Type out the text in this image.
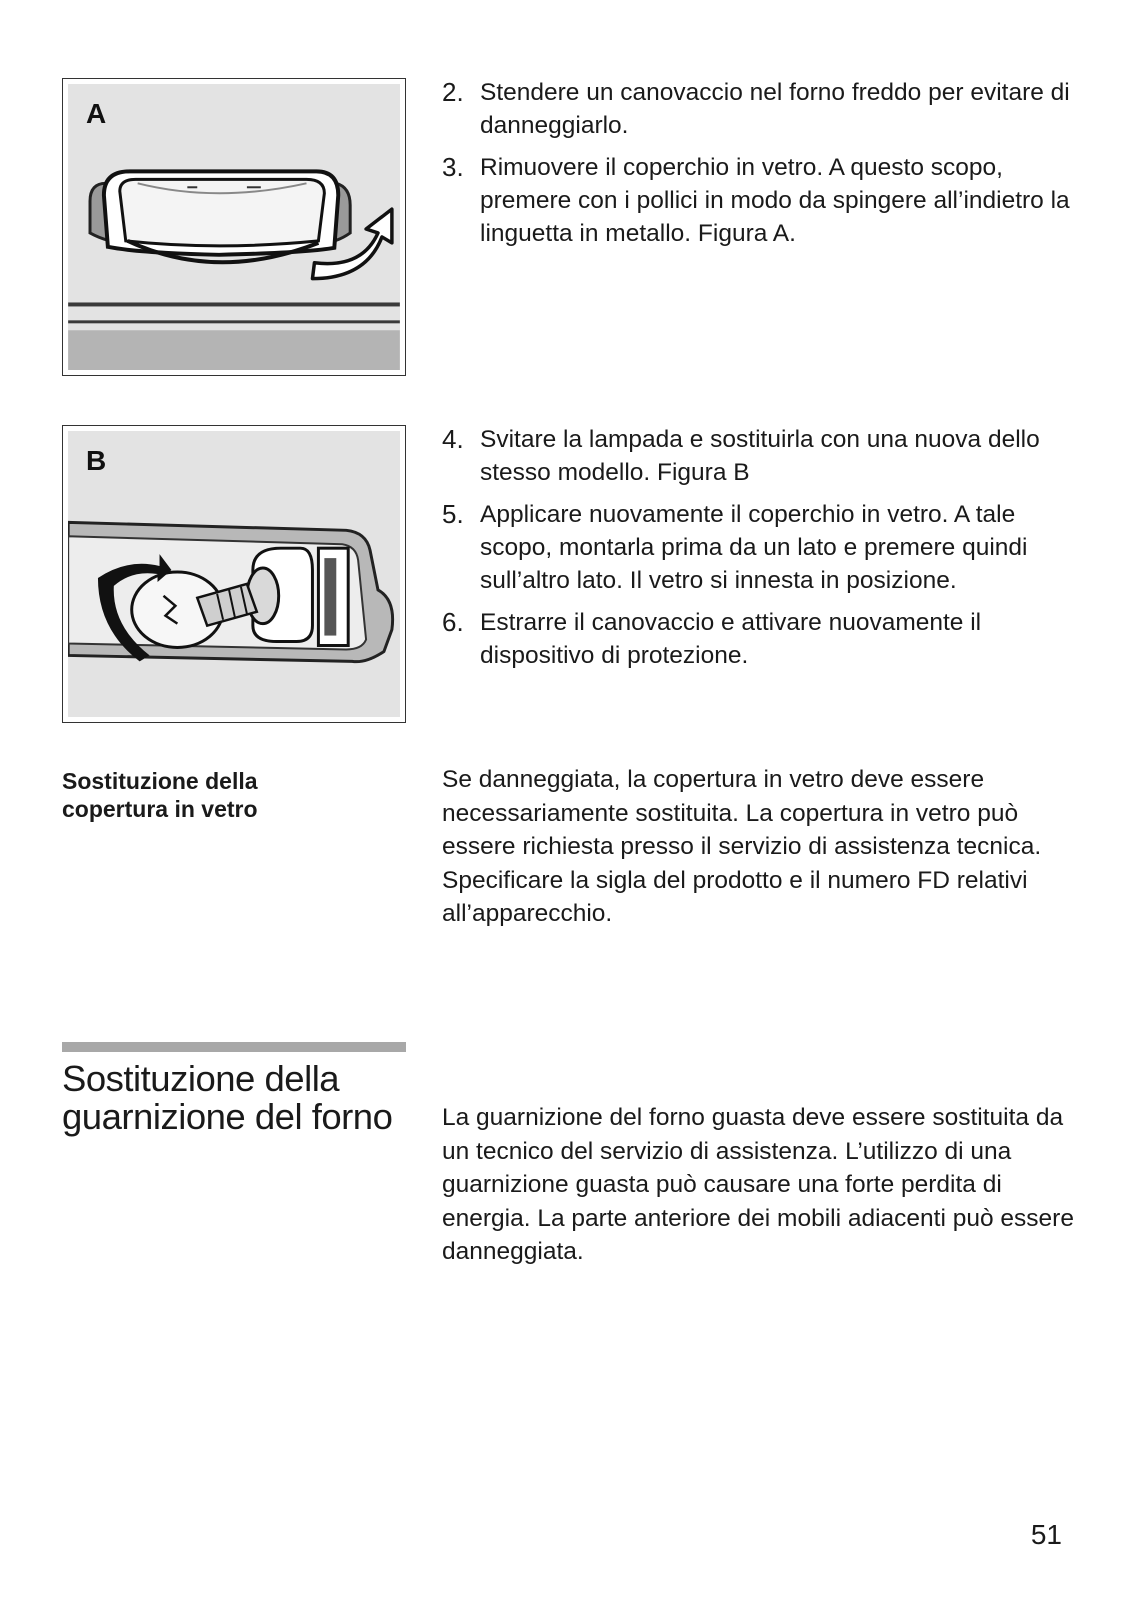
A
2. Stendere un canovaccio nel forno freddo per evitare di danneggiarlo.
3. Rimuovere il coperchio in vetro. A questo scopo, premere con i pollici in modo da spingere all’indietro la linguetta in metallo. Figura A.
B
4. Svitare la lampada e sostituirla con una nuova dello stesso modello. Figura B
5. Applicare nuovamente il coperchio in vetro. A tale scopo, montarla prima da un lato e premere quindi sull’altro lato. Il vetro si innesta in posizione.
6. Estrarre il canovaccio e attivare nuovamente il dispositivo di protezione.
Sostituzione della copertura in vetro

Se danneggiata, la copertura in vetro deve essere necessariamente sostituita. La copertura in vetro può essere richiesta presso il servizio di assistenza tecnica. Specificare la sigla del prodotto e il numero FD relativi all’apparecchio.

Sostituzione della guarnizione del forno	La guarnizione del forno guasta deve essere sostituita da un tecnico del servizio di assistenza. L’utilizzo di una guarnizione guasta può causare una forte perdita di energia. La parte anteriore dei mobili adiacenti può essere danneggiata.

51
